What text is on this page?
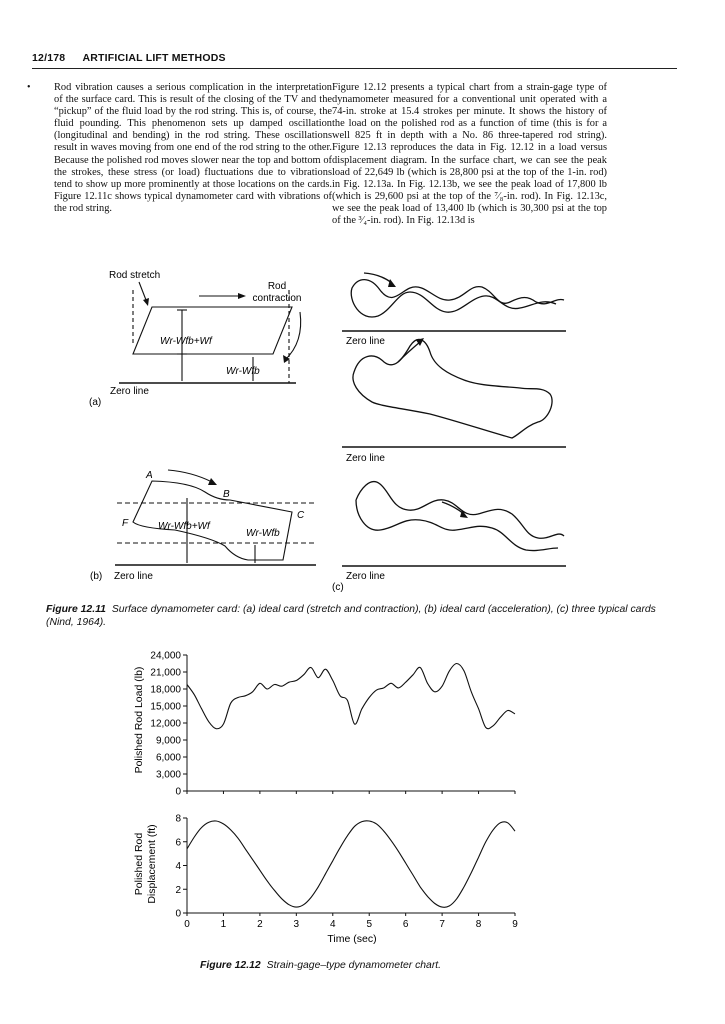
12/178 ARTIFICIAL LIFT METHODS
• Rod vibration causes a serious complication in the interpretation of the surface card. This is result of the closing of the TV and the “pickup” of the fluid load by the rod string. This is, of course, the fluid pounding. This phenomenon sets up damped oscillation (longitudinal and bending) in the rod string. These oscillations result in waves moving from one end of the rod string to the other. Because the polished rod moves slower near the top and bottom of the strokes, these stress (or load) fluctuations due to vibrations tend to show up more prominently at those locations on the cards. Figure 12.11c shows typical dynamometer card with vibrations of the rod string.

Figure 12.12 presents a typical chart from a strain-gage type of dynamometer measured for a conventional unit operated with a 74-in. stroke at 15.4 strokes per minute. It shows the history of the load on the polished rod as a function of time (this is for a well 825 ft in depth with a No. 86 three-tapered rod string). Figure 12.13 reproduces the data in Fig. 12.12 in a load versus displacement diagram. In the surface chart, we can see the peak load of 22,649 lb (which is 28,800 psi at the top of the 1-in. rod) in Fig. 12.13a. In Fig. 12.13b, we see the peak load of 17,800 lb (which is 29,600 psi at the top of the ⁷⁄₈-in. rod). In Fig. 12.13c, we see the peak load of 13,400 lb (which is 30,300 psi at the top of the ³⁄₄-in. rod). In Fig. 12.13d is

Rod stretch
Rod
contraction
Wr-Wfb+Wf
Wr-Wfb
Zero line
(a)
A
B
C
F	Wr-Wfb+Wf
Wr-Wfb
Zero line
(b)
Zero line
Zero line
Zero line
(c)
Figure 12.11 Surface dynamometer card: (a) ideal card (stretch and contraction), (b) ideal card (acceleration), (c) three typical cards (Nind, 1964).
0
3,000
6,000
9,000
12,000
15,000
18,000
21,000
24,000
0
2
4
6
8
0	1	2	3	4	5	6	7	8	9
Polished Rod Load (lb)
Polished Rod Displacement (ft)
Time (sec)
Figure 12.12 Strain-gage–type dynamometer chart.
